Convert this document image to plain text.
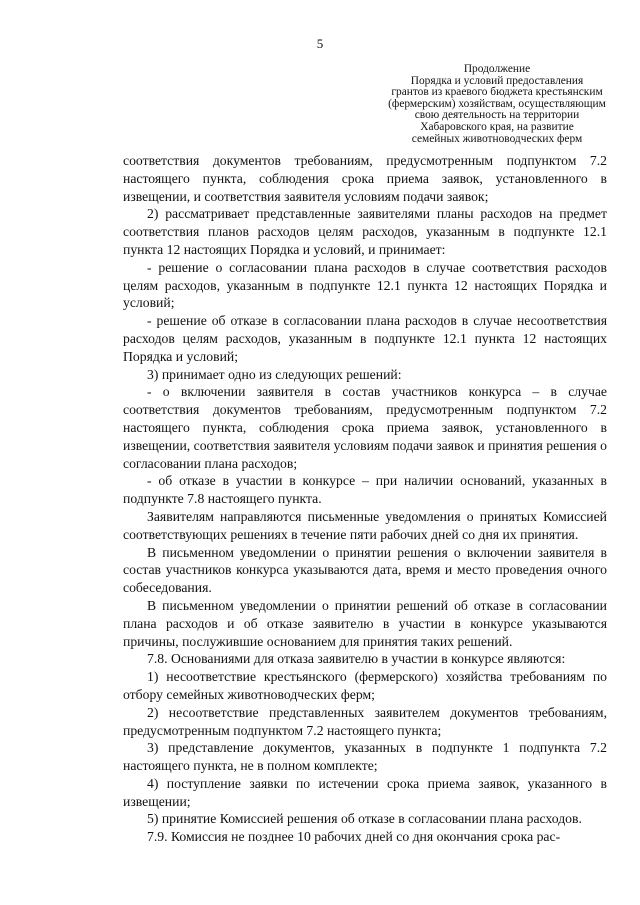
5
Продолжение
Порядка и условий предоставления
грантов из краевого бюджета крестьянским
(фермерским) хозяйствам, осуществляющим
свою деятельность на территории
Хабаровского края, на развитие
семейных животноводческих ферм

соответствия документов требованиям, предусмотренным подпунктом 7.2 настоящего пункта, соблюдения срока приема заявок, установленного в извещении, и соответствия заявителя условиям подачи заявок;

2) рассматривает представленные заявителями планы расходов на предмет соответствия планов расходов целям расходов, указанным в подпункте 12.1 пункта 12 настоящих Порядка и условий, и принимает:

- решение о согласовании плана расходов в случае соответствия расходов целям расходов, указанным в подпункте 12.1 пункта 12 настоящих Порядка и условий;

- решение об отказе в согласовании плана расходов в случае несоответствия расходов целям расходов, указанным в подпункте 12.1 пункта 12 настоящих Порядка и условий;

3) принимает одно из следующих решений:

- о включении заявителя в состав участников конкурса – в случае соответствия документов требованиям, предусмотренным подпунктом 7.2 настоящего пункта, соблюдения срока приема заявок, установленного в извещении, соответствия заявителя условиям подачи заявок и принятия решения о согласовании плана расходов;

- об отказе в участии в конкурсе – при наличии оснований, указанных в подпункте 7.8 настоящего пункта.

Заявителям направляются письменные уведомления о принятых Комиссией соответствующих решениях в течение пяти рабочих дней со дня их принятия.

В письменном уведомлении о принятии решения о включении заявителя в состав участников конкурса указываются дата, время и место проведения очного собеседования.

В письменном уведомлении о принятии решений об отказе в согласовании плана расходов и об отказе заявителю в участии в конкурсе указываются причины, послужившие основанием для принятия таких решений.

7.8. Основаниями для отказа заявителю в участии в конкурсе являются:

1) несоответствие крестьянского (фермерского) хозяйства требованиям по отбору семейных животноводческих ферм;

2) несоответствие представленных заявителем документов требованиям, предусмотренным подпунктом 7.2 настоящего пункта;

3) представление документов, указанных в подпункте 1 подпункта 7.2 настоящего пункта, не в полном комплекте;

4) поступление заявки по истечении срока приема заявок, указанного в извещении;

5) принятие Комиссией решения об отказе в согласовании плана расходов.

7.9. Комиссия не позднее 10 рабочих дней со дня окончания срока рас-
